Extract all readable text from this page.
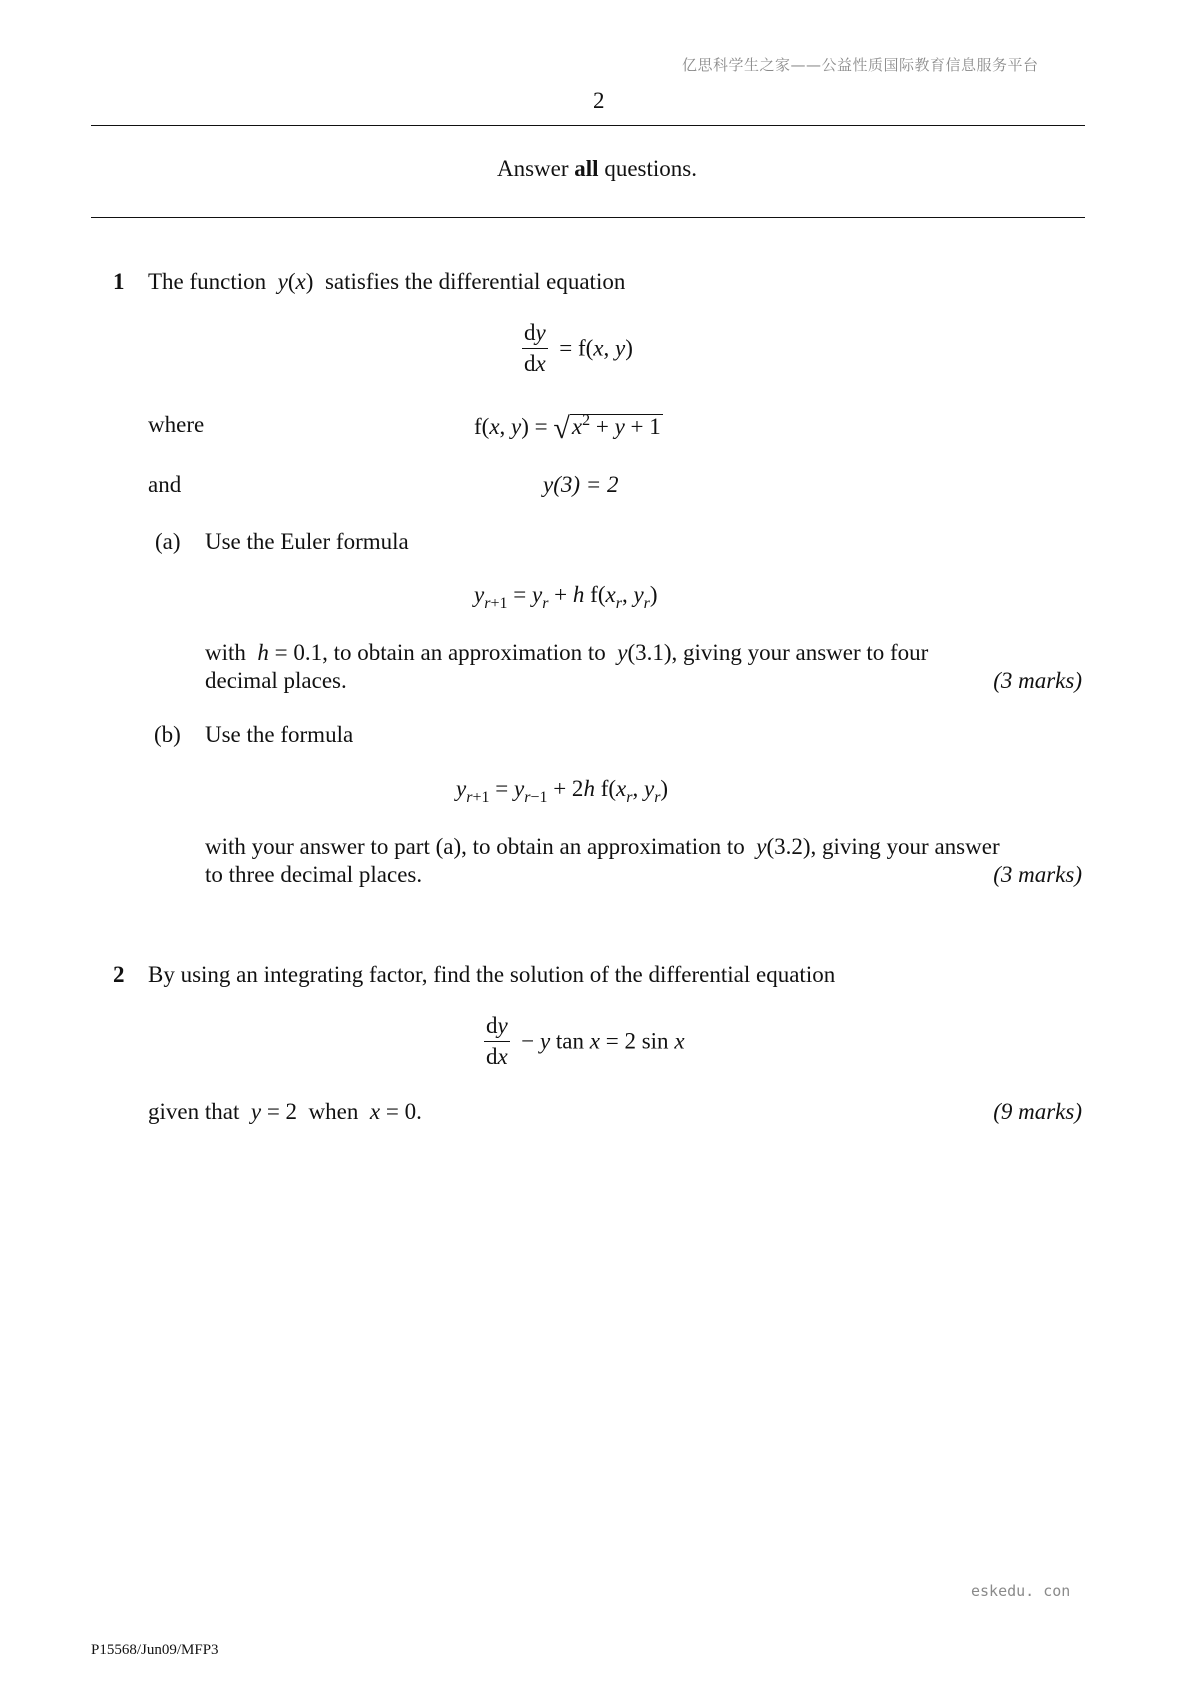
亿思科学生之家——公益性质国际教育信息服务平台
2
Answer all questions.
1 The function y(x)  satisfies the differential equation
$\frac{dy}{dx} = f(x$, y)
where	f(x, $y) = √x^2 + y + 1$
and	y(3) = 2
(a) Use the Euler formula
$y_{r+1} = y_r + h$ $f(x_r$, $y_r$)
with h = 0.1, to obtain an approximation to y(3.1), giving your answer to four
decimal places.	(3 marks)
(b) Use the formula
$y_{r+1} = y_{r-1} + 2h$ $f(x_r$, $y_r$)
with your answer to part (a), to obtain an approximation to y(3.2), giving your answer
to three decimal places.	(3 marks)
2 By using an integrating factor, find the solution of the differential equation
$\frac{dy}{dx} - y$ tan x = 2 sin x
given that y = 2  when x = 0.	(9 marks)
eskedu. con
P15568/Jun09/MFP3
